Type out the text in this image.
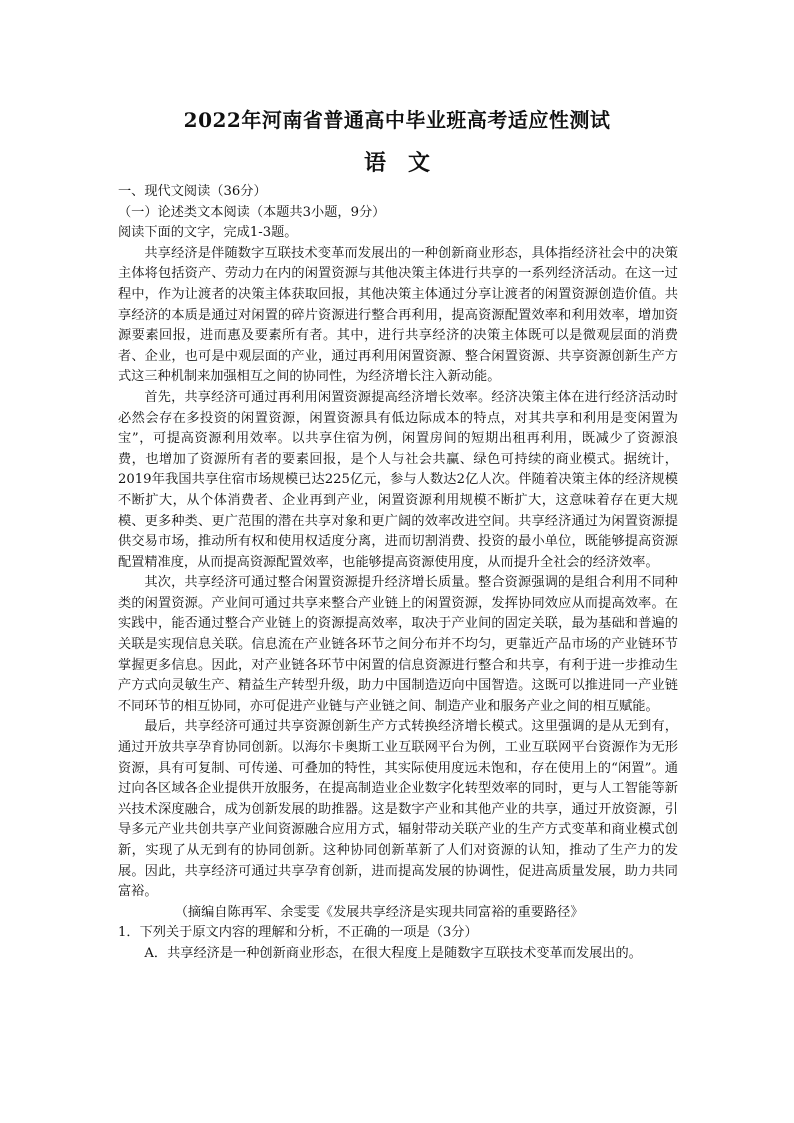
2022年河南省普通高中毕业班高考适应性测试
语文

一、现代文阅读（36分）

（一）论述类文本阅读（本题共3小题，9分）

阅读下面的文字，完成1-3题。

共享经济是伴随数字互联技术变革而发展出的一种创新商业形态，具体指经济社会中的决策主体将包括资产、劳动力在内的闲置资源与其他决策主体进行共享的一系列经济活动。在这一过程中，作为让渡者的决策主体获取回报，其他决策主体通过分享让渡者的闲置资源创造价值。共享经济的本质是通过对闲置的碎片资源进行整合再利用，提高资源配置效率和利用效率，增加资源要素回报，进而惠及要素所有者。其中，进行共享经济的决策主体既可以是微观层面的消费者、企业，也可是中观层面的产业，通过再利用闲置资源、整合闲置资源、共享资源创新生产方式这三种机制来加强相互之间的协同性，为经济增长注入新动能。

首先，共享经济可通过再利用闲置资源提高经济增长效率。经济决策主体在进行经济活动时必然会存在多投资的闲置资源，闲置资源具有低边际成本的特点，对其共享和利用是变闲置为宝”，可提高资源利用效率。以共享住宿为例，闲置房间的短期出租再利用，既减少了资源浪费，也增加了资源所有者的要素回报，是个人与社会共赢、绿色可持续的商业模式。据统计，2019年我国共享住宿市场规模已达225亿元，参与人数达2亿人次。伴随着决策主体的经济规模不断扩大，从个体消费者、企业再到产业，闲置资源利用规模不断扩大，这意味着存在更大规模、更多种类、更广范围的潜在共享对象和更广阔的效率改进空间。共享经济通过为闲置资源提供交易市场，推动所有权和使用权适度分离，进而切割消费、投资的最小单位，既能够提高资源配置精准度，从而提高资源配置效率，也能够提高资源使用度，从而提升全社会的经济效率。

其次，共享经济可通过整合闲置资源提升经济增长质量。整合资源强调的是组合利用不同种类的闲置资源。产业间可通过共享来整合产业链上的闲置资源，发挥协同效应从而提高效率。在实践中，能否通过整合产业链上的资源提高效率，取决于产业间的固定关联，最为基础和普遍的关联是实现信息关联。信息流在产业链各环节之间分布并不均匀，更靠近产品市场的产业链环节掌握更多信息。因此，对产业链各环节中闲置的信息资源进行整合和共享，有利于进一步推动生产方式向灵敏生产、精益生产转型升级，助力中国制造迈向中国智造。这既可以推进同一产业链不同环节的相互协同，亦可促进产业链与产业链之间、制造产业和服务产业之间的相互赋能。

最后，共享经济可通过共享资源创新生产方式转换经济增长模式。这里强调的是从无到有，通过开放共享孕育协同创新。以海尔卡奥斯工业互联网平台为例，工业互联网平台资源作为无形资源，具有可复制、可传递、可叠加的特性，其实际使用度远未饱和，存在使用上的“闲置”。通过向各区域各企业提供开放服务，在提高制造业企业数字化转型效率的同时，更与人工智能等新兴技术深度融合，成为创新发展的助推器。这是数字产业和其他产业的共享，通过开放资源，引导多元产业共创共享产业间资源融合应用方式，辐射带动关联产业的生产方式变革和商业模式创新，实现了从无到有的协同创新。这种协同创新革新了人们对资源的认知，推动了生产力的发展。因此，共享经济可通过共享孕育创新，进而提高发展的协调性，促进高质量发展，助力共同富裕。

（摘编自陈再军、余雯雯《发展共享经济是实现共同富裕的重要路径》

1．下列关于原文内容的理解和分析，不正确的一项是（3分）

A．共享经济是一种创新商业形态，在很大程度上是随数字互联技术变革而发展出的。
